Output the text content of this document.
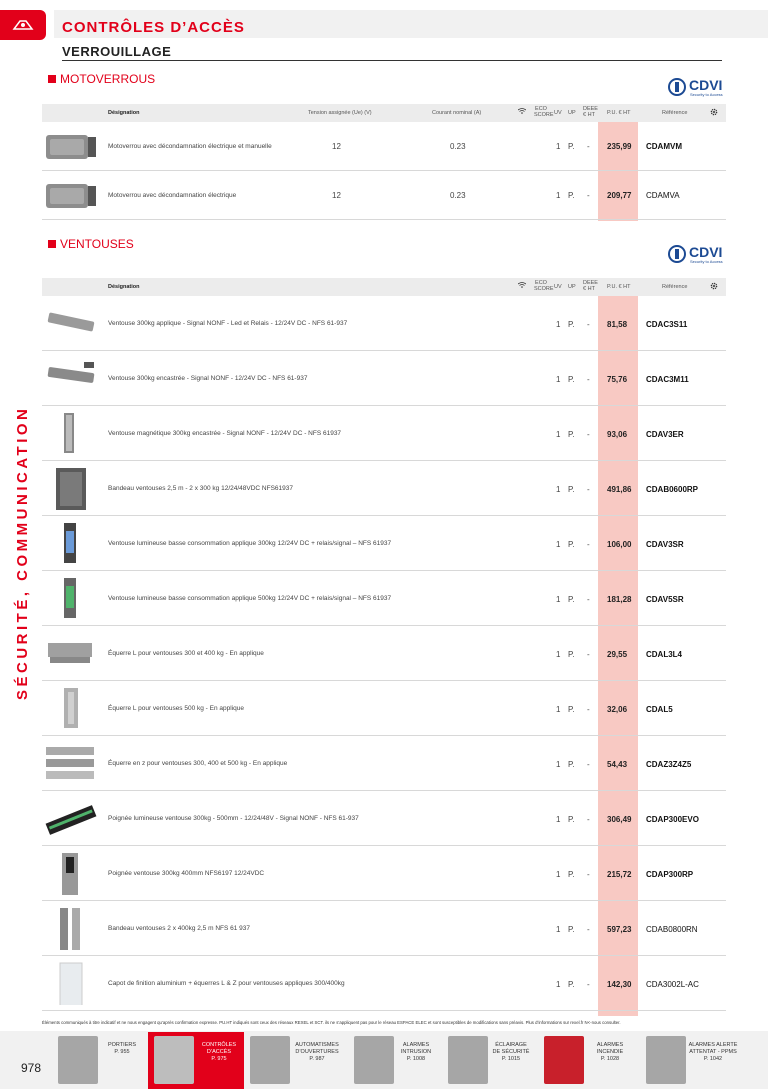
CONTRÔLES D’ACCÈS
VERROUILLAGE
SÉCURITÉ, COMMUNICATION
MOTOVERROUS	CDVI
Security to Access
Désignation	Tension assignée (Ue) (V)	Courant nominal (A)
ECO SCORE UV UP
DEEE € HT P.U. € HT	Référence
Motoverrou avec décondamnation électrique et manuelle	12	0.23	1 P. - 235,99 CDAMVM
Motoverrou avec décondamnation électrique	12	0.23	1 P. - 209,77 CDAMVA
VENTOUSES	CDVI
Security to Access
Désignation
ECO SCORE UV UP
DEEE € HT P.U. € HT	Référence
Ventouse 300kg applique - Signal NONF - Led et Relais - 12/24V DC - NFS 61-937	1 P. - 81,58 CDAC3S11
Ventouse 300kg encastrée - Signal NONF - 12/24V DC - NFS 61-937	1 P. - 75,76 CDAC3M11
Ventouse magnétique 300kg encastrée - Signal NONF - 12/24V DC - NFS 61937	1 P. - 93,06 CDAV3ER
Bandeau ventouses 2,5 m - 2 x 300 kg 12/24/48VDC NFS61937	1 P. - 491,86 CDAB0600RP
Ventouse lumineuse basse consommation applique 300kg 12/24V DC + relais/signal – NFS 61937	1 P. - 106,00 CDAV3SR
Ventouse lumineuse basse consommation applique 500kg 12/24V DC + relais/signal – NFS 61937	1 P. - 181,28 CDAV5SR
Équerre L pour ventouses 300 et 400 kg - En applique	1 P. - 29,55 CDAL3L4
Équerre L pour ventouses 500 kg - En applique	1 P. - 32,06 CDAL5
Équerre en z pour ventouses 300, 400 et 500 kg - En applique	1 P. - 54,43 CDAZ3Z4Z5
Poignée lumineuse ventouse 300kg - 500mm - 12/24/48V - Signal NONF - NFS 61-937	1 P. - 306,49 CDAP300EVO
Poignée ventouse 300kg 400mm NFS6197 12/24VDC	1 P. - 215,72 CDAP300RP
Bandeau ventouses 2 x 400kg 2,5 m NFS 61 937	1 P. - 597,23 CDAB0800RN
Capot de finition aluminium + équerres L & Z pour ventouses appliques 300/400kg	1 P. - 142,30 CDA3002L-AC
Éléments communiqués à titre indicatif et ne nous engagent qu’après confirmation expresse. PU.HT indiqués sont ceux des réseaux REXEL et SCT. ils ne s’appliquent pas pour le réseau ESPACE ELEC et sont susceptibles de modifications sans préavis. Plus d’informations sur rexel.fr N<-nous consulter.
978
PORTIERS
P. 955
CONTRÔLES
D’ACCÈS
P. 975
AUTOMATISMES
D’OUVERTURES
P. 987
ALARMES
INTRUSION
P. 1008
ÉCLAIRAGE
DE SÉCURITÉ
P. 1015
ALARMES
INCENDIE
P. 1028
ALARMES ALERTE
ATTENTAT - PPMS
P. 1042
